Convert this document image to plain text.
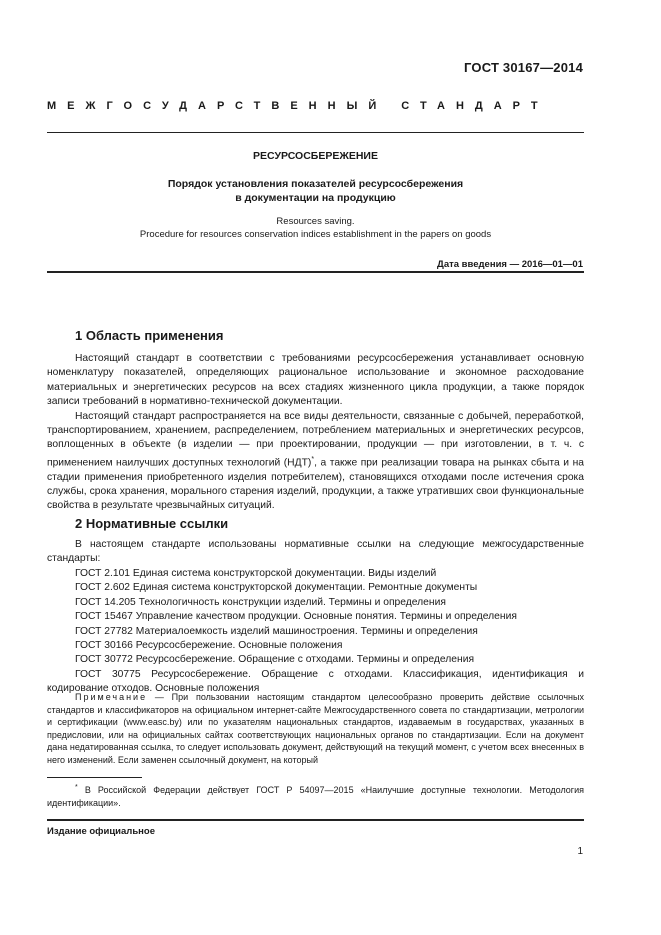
ГОСТ 30167—2014
МЕЖГОСУДАРСТВЕННЫЙ СТАНДАРТ
РЕСУРСОСБЕРЕЖЕНИЕ
Порядок установления показателей ресурсосбережения
в документации на продукцию
Resources saving.
Procedure for resources conservation indices establishment in the papers on goods
Дата введения — 2016—01—01
1 Область применения

Настоящий стандарт в соответствии с требованиями ресурсосбережения устанавливает основную номенклатуру показателей, определяющих рациональное использование и экономное расходование материальных и энергетических ресурсов на всех стадиях жизненного цикла продукции, а также порядок записи требований в нормативно-технической документации.

Настоящий стандарт распространяется на все виды деятельности, связанные с добычей, переработкой, транспортированием, хранением, распределением, потреблением материальных и энергетических ресурсов, воплощенных в объекте (в изделии — при проектировании, продукции — при изготовлении, в т. ч. с применением наилучших доступных технологий (НДТ)*, а также при реализации товара на рынках сбыта и на стадии применения приобретенного изделия потребителем), становящихся отходами после истечения срока службы, срока хранения, морального старения изделий, продукции, а также утративших свои функциональные свойства в результате чрезвычайных ситуаций.

2 Нормативные ссылки

В настоящем стандарте использованы нормативные ссылки на следующие межгосударственные стандарты:

ГОСТ 2.101 Единая система конструкторской документации. Виды изделий
ГОСТ 2.602 Единая система конструкторской документации. Ремонтные документы
ГОСТ 14.205 Технологичность конструкции изделий. Термины и определения
ГОСТ 15467 Управление качеством продукции. Основные понятия. Термины и определения
ГОСТ 27782 Материалоемкость изделий машиностроения. Термины и определения
ГОСТ 30166 Ресурсосбережение. Основные положения
ГОСТ 30772 Ресурсосбережение. Обращение с отходами. Термины и определения
ГОСТ 30775 Ресурсосбережение. Обращение с отходами. Классификация, идентификация и кодирование отходов. Основные положения

Примечание — При пользовании настоящим стандартом целесообразно проверить действие ссылочных стандартов и классификаторов на официальном интернет-сайте Межгосударственного совета по стандартизации, метрологии и сертификации (www.easc.by) или по указателям национальных стандартов, издаваемым в государствах, указанных в предисловии, или на официальных сайтах соответствующих национальных органов по стандартизации. Если на документ дана недатированная ссылка, то следует использовать документ, действующий на текущий момент, с учетом всех внесенных в него изменений. Если заменен ссылочный документ, на который

* В Российской Федерации действует ГОСТ Р 54097—2015 «Наилучшие доступные технологии. Методология идентификации».

Издание официальное
1
